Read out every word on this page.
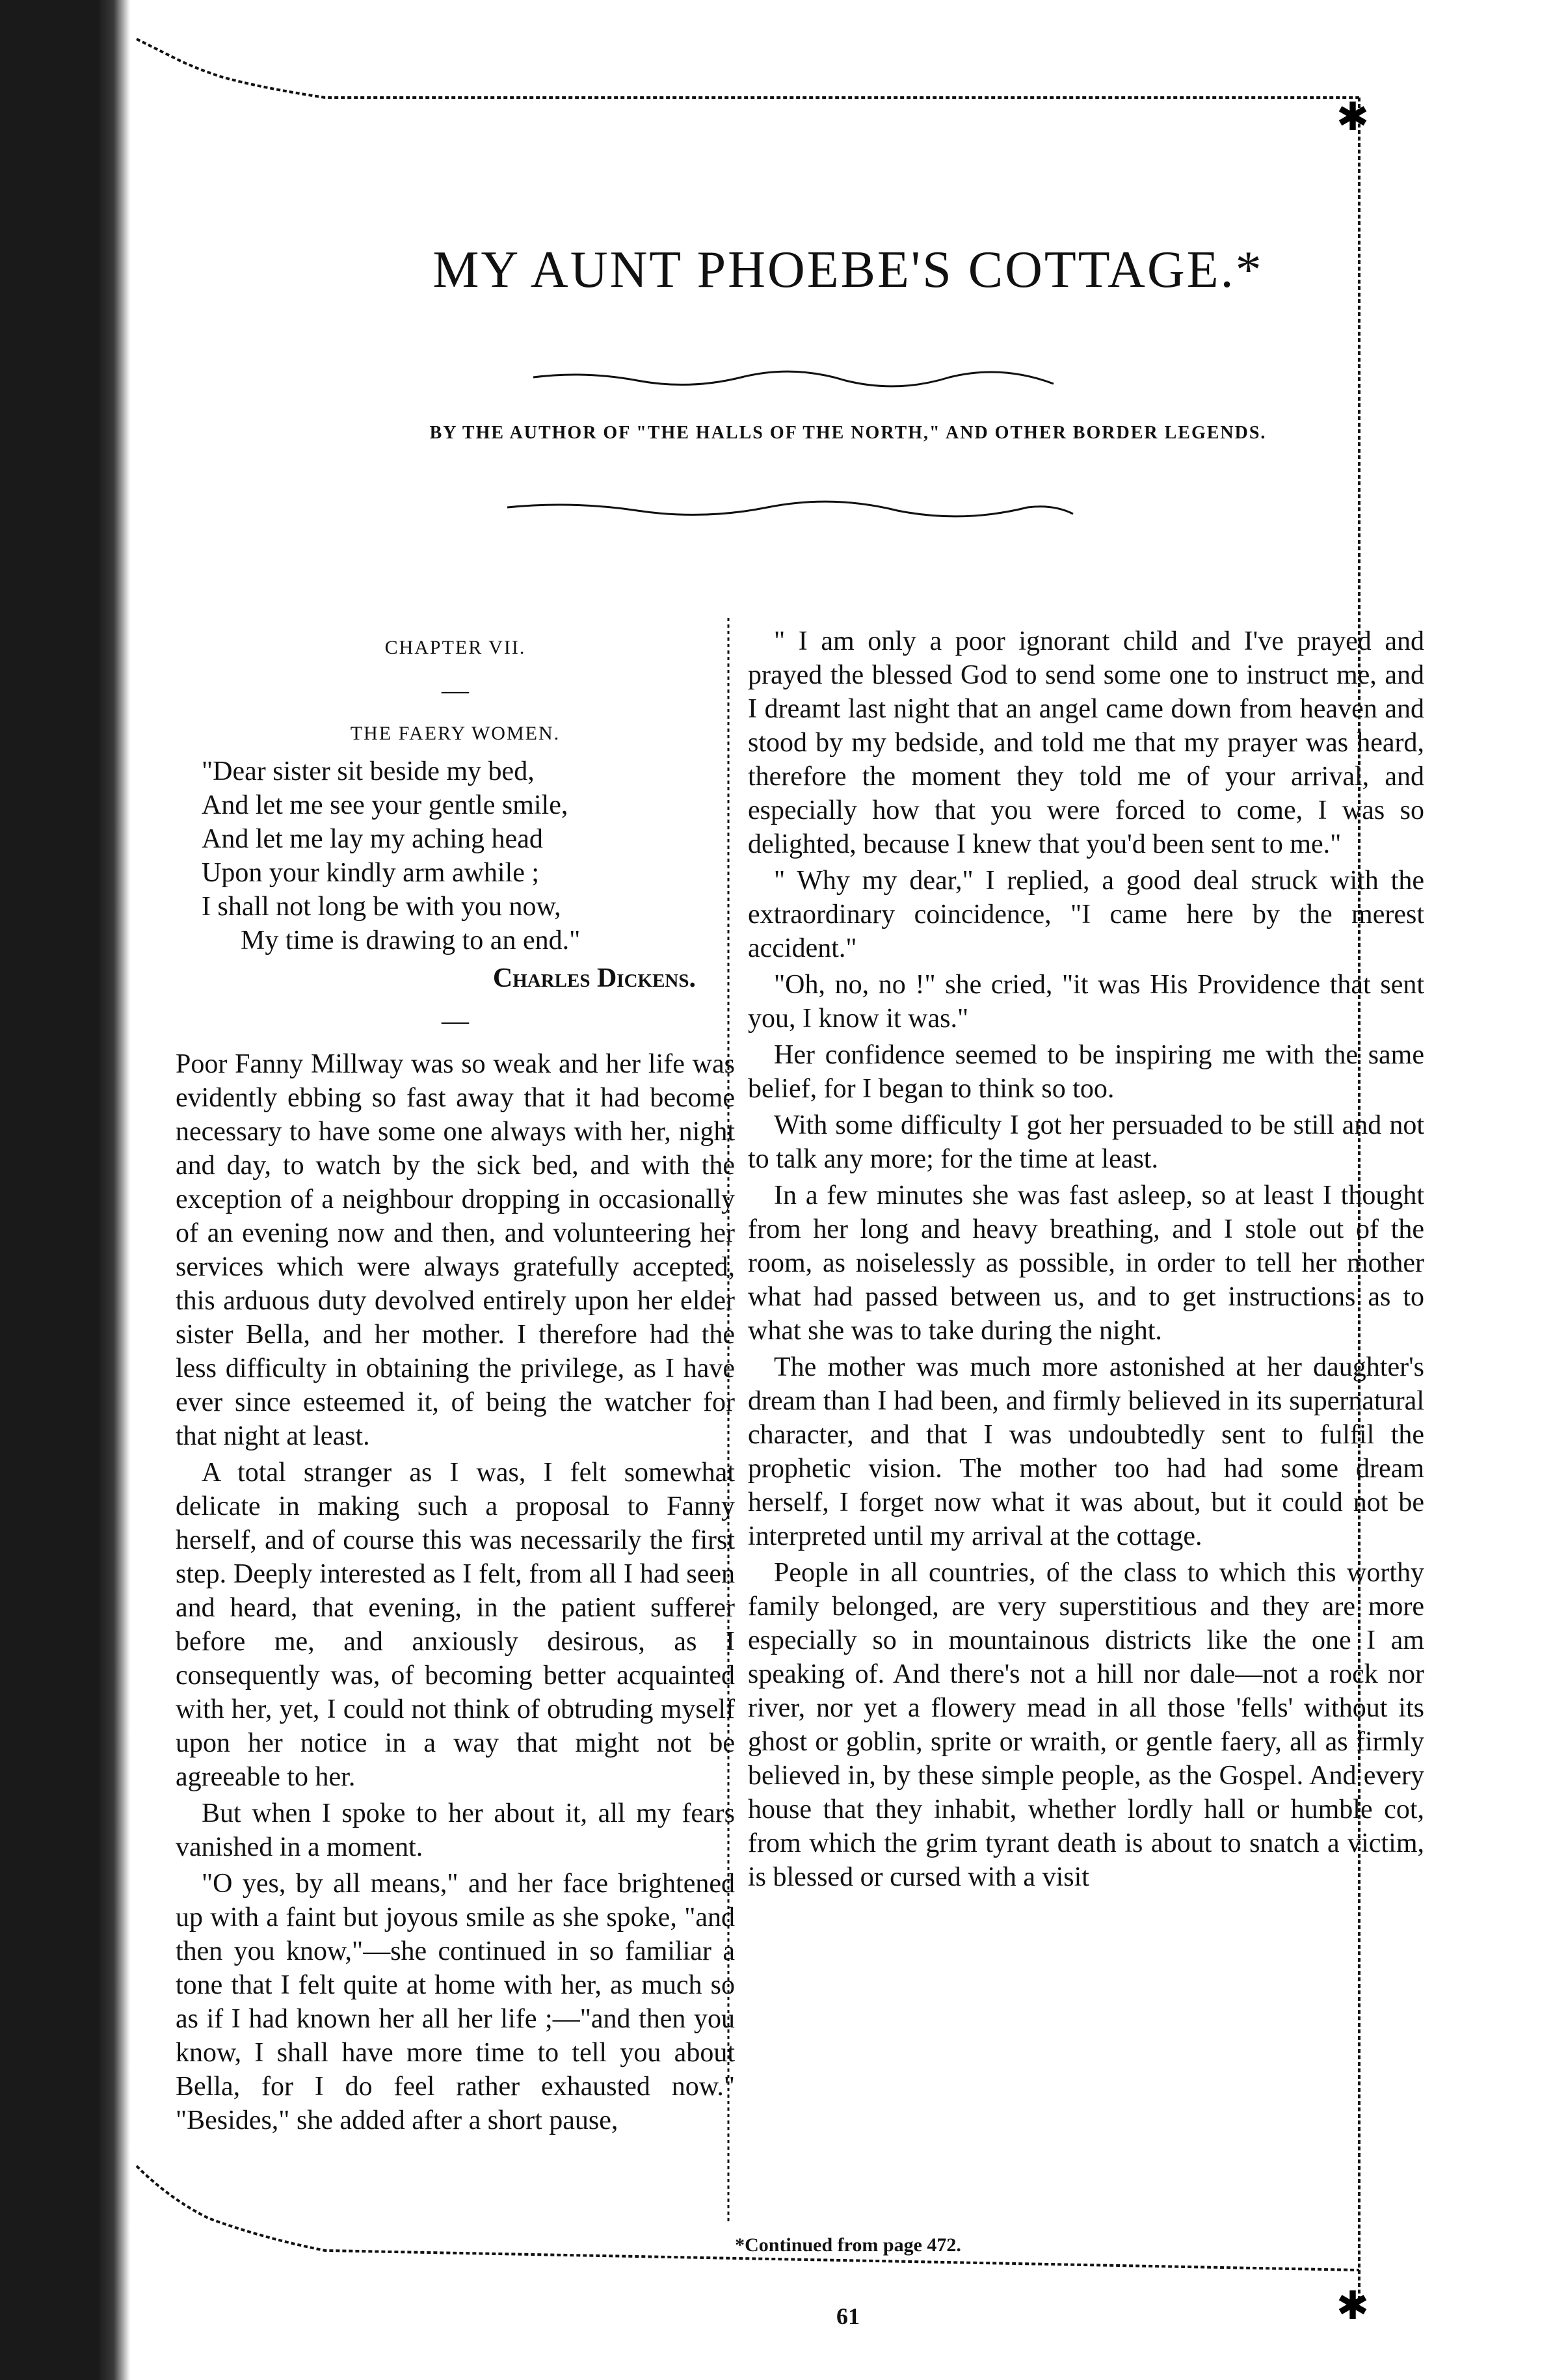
✱
✱
MY AUNT PHOEBE'S COTTAGE.*
BY THE AUTHOR OF "THE HALLS OF THE NORTH," AND OTHER BORDER LEGENDS.
CHAPTER VII.
—
THE FAERY WOMEN.
"Dear sister sit beside my bed,
And let me see your gentle smile,
And let me lay my aching head
Upon your kindly arm awhile ;
I shall not long be with you now,
My time is drawing to an end."
Charles Dickens.
—

Poor Fanny Millway was so weak and her life was evidently ebbing so fast away that it had become necessary to have some one always with her, night and day, to watch by the sick bed, and with the exception of a neighbour dropping in occasionally of an evening now and then, and volunteering her services which were always gratefully accepted, this arduous duty devolved entirely upon her elder sister Bella, and her mother. I therefore had the less difficulty in obtaining the privilege, as I have ever since esteemed it, of being the watcher for that night at least.

A total stranger as I was, I felt somewhat delicate in making such a proposal to Fanny herself, and of course this was necessarily the first step. Deeply interested as I felt, from all I had seen and heard, that evening, in the patient sufferer before me, and anxiously desirous, as I consequently was, of becoming better acquainted with her, yet, I could not think of obtruding myself upon her notice in a way that might not be agreeable to her.

But when I spoke to her about it, all my fears vanished in a moment.

"O yes, by all means," and her face brightened up with a faint but joyous smile as she spoke, "and then you know,"—she continued in so familiar a tone that I felt quite at home with her, as much so as if I had known her all her life ;—"and then you know, I shall have more time to tell you about Bella, for I do feel rather exhausted now." "Besides," she added after a short pause,

" I am only a poor ignorant child and I've prayed and prayed the blessed God to send some one to instruct me, and I dreamt last night that an angel came down from heaven and stood by my bedside, and told me that my prayer was heard, therefore the moment they told me of your arrival, and especially how that you were forced to come, I was so delighted, because I knew that you'd been sent to me."

" Why my dear," I replied, a good deal struck with the extraordinary coincidence, "I came here by the merest accident."

"Oh, no, no !" she cried, "it was His Providence that sent you, I know it was."

Her confidence seemed to be inspiring me with the same belief, for I began to think so too.

With some difficulty I got her persuaded to be still and not to talk any more; for the time at least.

In a few minutes she was fast asleep, so at least I thought from her long and heavy breathing, and I stole out of the room, as noiselessly as possible, in order to tell her mother what had passed between us, and to get instructions as to what she was to take during the night.

The mother was much more astonished at her daughter's dream than I had been, and firmly believed in its supernatural character, and that I was undoubtedly sent to fulfil the prophetic vision. The mother too had had some dream herself, I forget now what it was about, but it could not be interpreted until my arrival at the cottage.

People in all countries, of the class to which this worthy family belonged, are very superstitious and they are more especially so in mountainous districts like the one I am speaking of. And there's not a hill nor dale—not a rock nor river, nor yet a flowery mead in all those 'fells' without its ghost or goblin, sprite or wraith, or gentle faery, all as firmly believed in, by these simple people, as the Gospel. And every house that they inhabit, whether lordly hall or humble cot, from which the grim tyrant death is about to snatch a victim, is blessed or cursed with a visit

*Continued from page 472.
61
